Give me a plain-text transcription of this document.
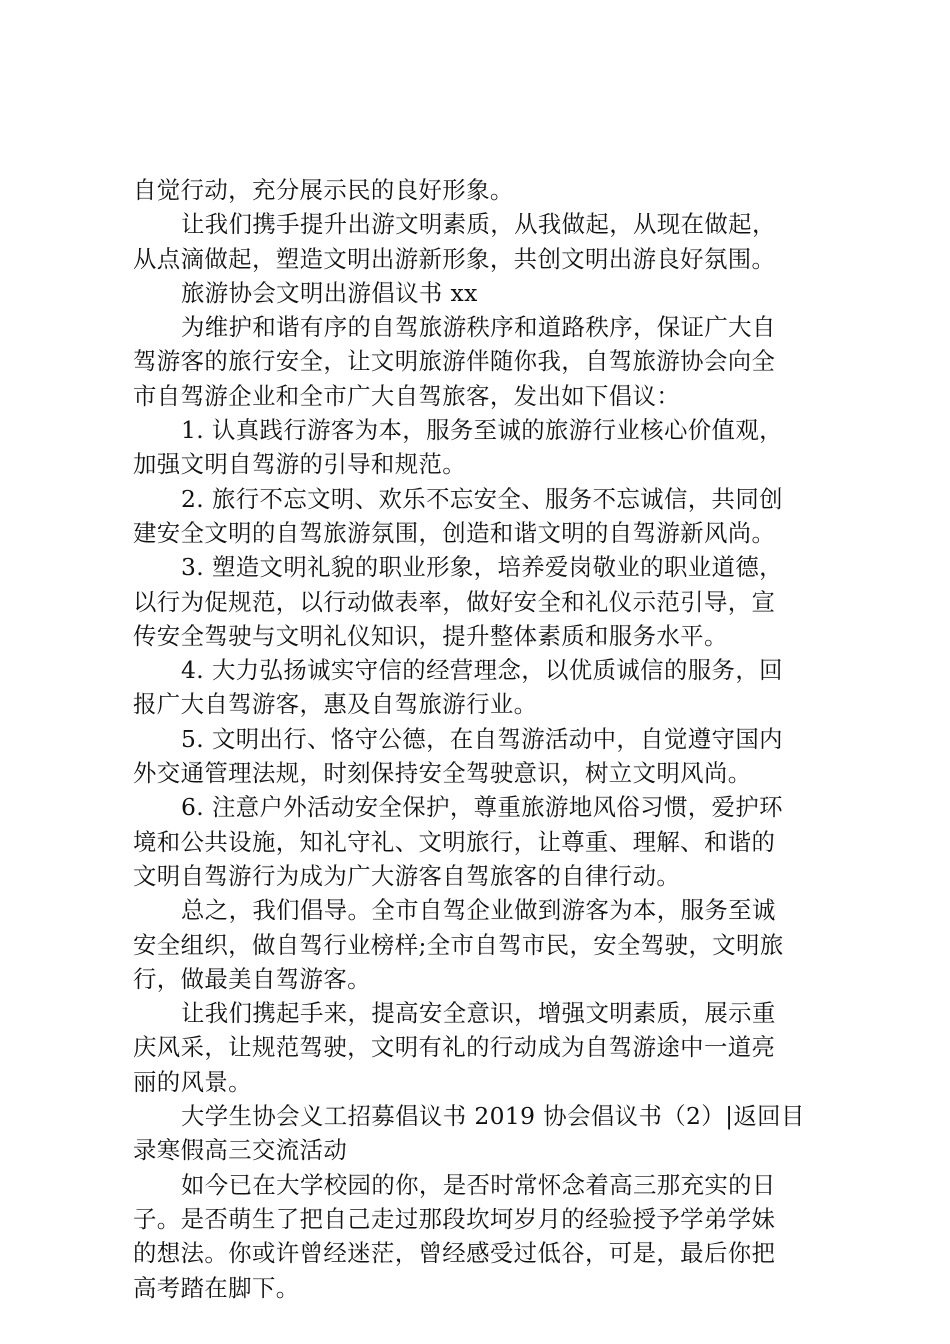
自觉行动，充分展示民的良好形象。
让我们携手提升出游文明素质，从我做起，从现在做起，
从点滴做起，塑造文明出游新形象，共创文明出游良好氛围。
旅游协会文明出游倡议书 xx
为维护和谐有序的自驾旅游秩序和道路秩序，保证广大自
驾游客的旅行安全，让文明旅游伴随你我，自驾旅游协会向全
市自驾游企业和全市广大自驾旅客，发出如下倡议：
1. 认真践行游客为本，服务至诚的旅游行业核心价值观，
加强文明自驾游的引导和规范。
2. 旅行不忘文明、欢乐不忘安全、服务不忘诚信，共同创
建安全文明的自驾旅游氛围，创造和谐文明的自驾游新风尚。
3. 塑造文明礼貌的职业形象，培养爱岗敬业的职业道德，
以行为促规范，以行动做表率，做好安全和礼仪示范引导，宣
传安全驾驶与文明礼仪知识，提升整体素质和服务水平。
4. 大力弘扬诚实守信的经营理念，以优质诚信的服务，回
报广大自驾游客，惠及自驾旅游行业。
5. 文明出行、恪守公德，在自驾游活动中，自觉遵守国内
外交通管理法规，时刻保持安全驾驶意识，树立文明风尚。
6. 注意户外活动安全保护，尊重旅游地风俗习惯，爱护环
境和公共设施，知礼守礼、文明旅行，让尊重、理解、和谐的
文明自驾游行为成为广大游客自驾旅客的自律行动。
总之，我们倡导。全市自驾企业做到游客为本，服务至诚
安全组织，做自驾行业榜样;全市自驾市民，安全驾驶，文明旅
行，做最美自驾游客。
让我们携起手来，提高安全意识，增强文明素质，展示重
庆风采，让规范驾驶，文明有礼的行动成为自驾游途中一道亮
丽的风景。
大学生协会义工招募倡议书 2019 协会倡议书（2）|返回目
录寒假高三交流活动
如今已在大学校园的你，是否时常怀念着高三那充实的日
子。是否萌生了把自己走过那段坎坷岁月的经验授予学弟学妹
的想法。你或许曾经迷茫，曾经感受过低谷，可是，最后你把
高考踏在脚下。
